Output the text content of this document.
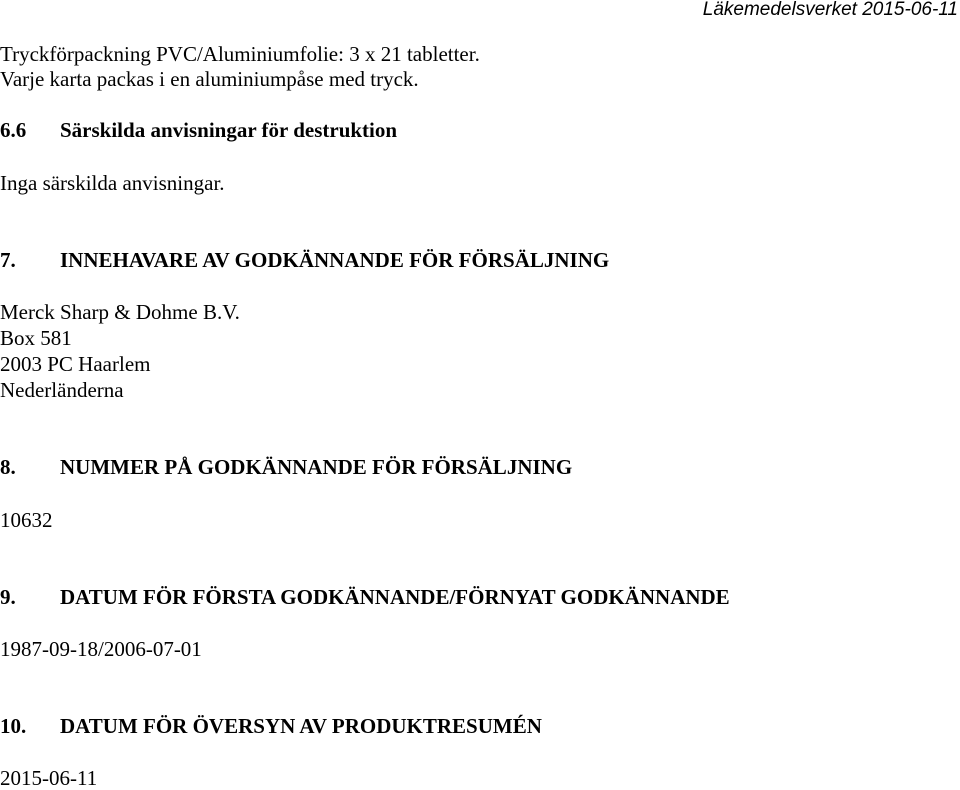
Läkemedelsverket 2015-06-11
Tryckförpackning PVC/Aluminiumfolie: 3 x 21 tabletter.
Varje karta packas i en aluminiumpåse med tryck.
6.6 Särskilda anvisningar för destruktion
Inga särskilda anvisningar.
7. INNEHAVARE AV GODKÄNNANDE FÖR FÖRSÄLJNING
Merck Sharp & Dohme B.V.
Box 581
2003 PC Haarlem
Nederländerna
8. NUMMER PÅ GODKÄNNANDE FÖR FÖRSÄLJNING
10632
9. DATUM FÖR FÖRSTA GODKÄNNANDE/FÖRNYAT GODKÄNNANDE
1987-09-18/2006-07-01
10. DATUM FÖR ÖVERSYN AV PRODUKTRESUMÉN
2015-06-11
